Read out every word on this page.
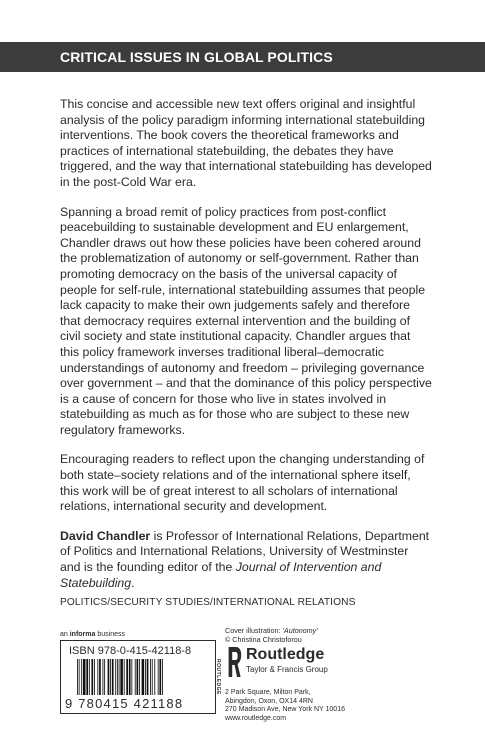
CRITICAL ISSUES IN GLOBAL POLITICS

This concise and accessible new text offers original and insightful analysis of the policy paradigm informing international statebuilding interventions. The book covers the theoretical frameworks and practices of international statebuilding, the debates they have triggered, and the way that international statebuilding has developed in the post-Cold War era.

Spanning a broad remit of policy practices from post-conflict peacebuilding to sustainable development and EU enlargement, Chandler draws out how these policies have been cohered around the problematization of autonomy or self-government. Rather than promoting democracy on the basis of the universal capacity of people for self-rule, international statebuilding assumes that people lack capacity to make their own judgements safely and therefore that democracy requires external intervention and the building of civil society and state institutional capacity. Chandler argues that this policy framework inverses traditional liberal–democratic understandings of autonomy and freedom – privileging governance over government – and that the dominance of this policy perspective is a cause of concern for those who live in states involved in statebuilding as much as for those who are subject to these new regulatory frameworks.

Encouraging readers to reflect upon the changing understanding of both state–society relations and of the international sphere itself, this work will be of great interest to all scholars of international relations, international security and development.

David Chandler is Professor of International Relations, Department of Politics and International Relations, University of Westminster and is the founding editor of the Journal of Intervention and Statebuilding.

POLITICS/SECURITY STUDIES/INTERNATIONAL RELATIONS
an informa business
ISBN 978-0-415-42118-8
9 780415 421188
Cover illustration: 'Autonomy'
© Christina Christoforou
ROUTLEDGE
Routledge
Taylor & Francis Group
2 Park Square, Milton Park,
Abingdon, Oxon, OX14 4RN
270 Madison Ave, New York NY 10016
www.routledge.com
